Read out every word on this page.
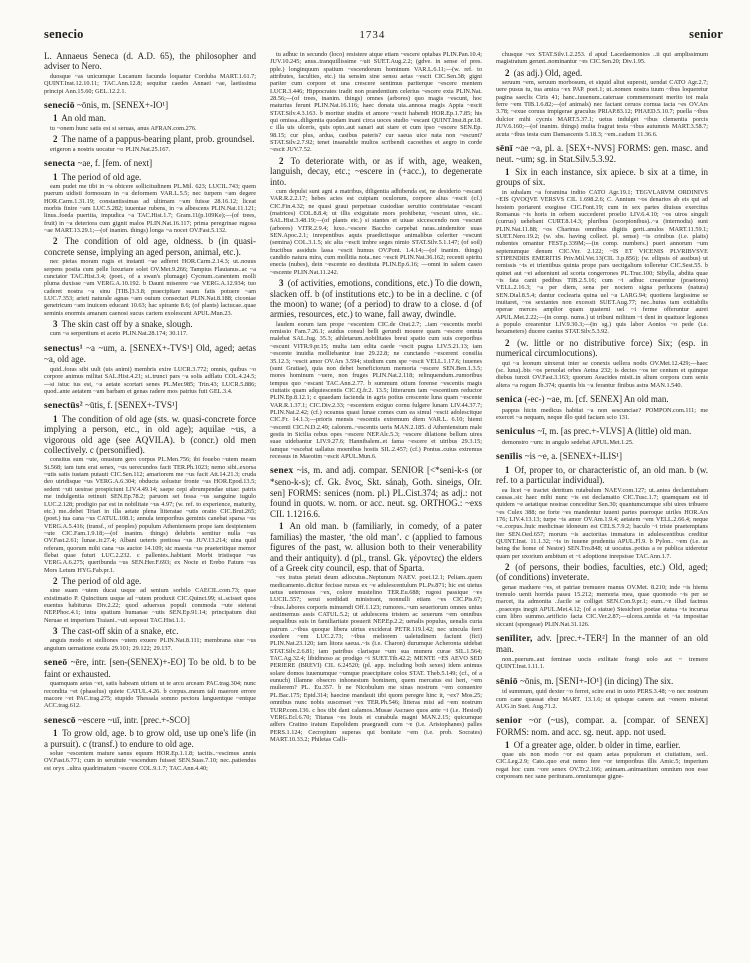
senecio	1734	senior

L. Annaeus Seneca (d. A.D. 65), the philosopher and adviser to Nero.

duosque ~as unicumque Lucanum facunda loquatur Corduba MART.1.61.7; QUINT.Inst.12.10.11; TAC.Ann.12.8; sequitur caedes Annaei ~ae, laetissima principi Ann.15.60; GEL.12.2.1.

seneciō ~ōnis, m. [SENEX+-IO¹]

1 An old man.

tu ~onem hunc satis est si seruas, anus AFRAN.com.276.

2 The name of a pappus-bearing plant, prob. groundsel.

erigeron a nostris uocatur ~o PLIN.Nat.25.167.

senecta ~ae, f. [fem. of next]

1 The period of old age.

eam pudet me tibi in ~a obicere sollicitudinem PL.Mil. 623; LUCIL.743; quem puerum uidisti formosum in ~a deformem VAR.L.5.5; nec turpem ~am degere HOR.Carm.1.31.19; constantissimas ad ultimam ~am fuisse 28.16.12; liceat morbis finire ~am LUC.5.282; iuuentae rubens, in ~a albescens PLIN.Nat.11.121; linus..foeda pueritia, impudica ~a TAC.Hist.1.7; Gram.11(p.109Ke);—(of trees, fruit) in ~a deteriora cum gignit malos PLIN.Nat.16.117; prima peregrinae rugosa ~ae MART.13.29.1;—(of inanim. things) longa ~a nocet OV.Fast.5.132.

2 The condition of old age, oldness. b (in quasi-concrete sense, implying an aged person, animal, etc.).

nec pietas moram rugis et instanti ~ae adferet HOR.Carm.2.14.3; ut..nouus serpens posita cum pelle luxuriare solet OV.Met.9.266; Tampius Flauianus..ac ~a cunctator TAC.Hist.3.4; (poet., of a swan's plumage) Cycnum..canentem molli pluma duxisse ~am VERG.A.10.192. b Dauni miserere ~ae VERG.A.12.934; tuo caderet nostra ~a sinu [TIB.]3.3.8; praecipitare suam fatis potuere ~am LUC.7.353; arieti naturale agnas ~am ouium consectari PLIN.Nat.8.188; ciconiae genetricum ~am inuicem educant 10.63; hac spirante 8.6; (of plants) lactucae..quae seminis enormis amaram caenosi sucus cariem exolescunt APUL.Mun.23.

3 The skin cast off by a snake, slough.

cum ~a serpentium et aceto PLIN.Nat.28.174; 30.117.

senectus¹ ~a ~um, a. [SENEX+-TVS¹] Old, aged; aetas ~a, old age.

quid..foras sibi uult (uis animi) membris exire LUCR.3.772; omnis, quibus ~o corpore animus militat SAL.Hist.4.21; si..trunci pars ~a solis adflatu COL.4.24.5;—si istuc ius est, ~a aetate scortari senes PL.Mer.985; Trin.43; LUCR.5.886; quod..ante aetatem ~am barbam et genas radere mos patrius fuit GEL.3.4.

senectūs² ~ūtis, f. [SENEX+-TVS¹]

1 The condition of old age (sts. w. quasi-concrete force implying a person, etc., in old age); aquilae ~us, a vigorous old age (see AQVILA). b (concr.) old men collectively. c (personified).

consitus sum ~ute, onustum gero corpus PL.Men.756; ibi fouebo ~utem meam St.568; iam tum erat senex, ~us uerecundos facit TER.Ph.1023; nemo sibi..exorsa ~utis satis iustam putauit CIC.Sen.112; amariorem me ~us facit Att.14.21.3; cruda deo uiridisque ~us VERG.A.6.304; obducta solustur fronte ~us HOR.Epod.13.5; sedent ~uti uestrae prospiciunt LIV.4.49.14; saepe cepi abrumpendae uitae: patris me indulgentia retinuit SEN.Ep.78.2; paruom set fessa ~us sanguine iugulo LUC.2.128; prodigio par est in nobilitate ~us 4.97; (w. ref. to experience, maturity, etc.) me..debet Triari in illa aetate plena litteratae ~utis oratio CIC.Brut.265; (poet.) tua cana ~us CATUL.108.1; annula temporibus geminis canebat sparsa ~us VERG.A.5.416; (transf., of peoples) populum Atheniensem prope iam desipientem ~ute CIC.Fam.1.9.18;—(of inanim. things) delubris sentitur nulla ~us OV.Fast.2.61; lunae..ir.27.4; Albani ueteris pretiosa ~us JUV.13.214; uina quid referam, quorum mihi cana ~us auctor 14.109; sic maesta ~us praeteritique memor flebat quae futuri LUC.2.232. c pallentes..habitant Morbi tristisque ~us VERG.A.6.275; queribunda ~us SEN.Her.F.693; ex Nocte et Erebo Fatum ~us Mors Letum HYG.Fab.pr.1.

2 The period of old age.

sine suam ~utem ducat usque ad senium sorbilo CAECIL.com.73; quae existimatio P. Quinctium usque ad ~utem produxit CIC.Quinct.99; si..scisset quos euentus habiturus Div.2.22; quod aduersus populi commoda ~ute steterat NEP.Phoc.4.1; intra spatium humanae ~utis SEN.Ep.91.14; principatum diui Neruae et imperium Traiani..~uti seposui TAC.Hist.1.1.

3 The cast-off skin of a snake, etc.

anguis modo et stelliones ~utem exuere PLIN.Nat.8.111; membrana siue ~us anguium uernatione exuta 29.101; 29.122; 29.137.

seneō ~ēre, intr. [sen-(SENEX)+-EO] To be old. b to be faint or exhausted.

quamquam aetas ~et, satis habeam uirium ut te arcu arceam PAC.trag.304; nunc recondita ~et (phaselus) quiete CATUL.4.26. b corpus..meum tali maerore errore macore ~et PAC.trag.275; stupido Thessala somno pectora languentque ~entque ACC.trag.612.

senescō ~escere ~uī, intr. [prec.+-SCO]

1 To grow old, age. b to grow old, use up one's life (in a pursuit). c (transf.) to endure to old age.

solue ~escentem mature sanus equum HOR.Ep.1.1.8; tacitis..~escimus annis OV.Fast.6.771; cum in seruitute ~escendum fuisset SEN.Suas.7.10; nec..patiendus est oryx ..ultra quadrimatum ~escere COL.9.1.7; TAC.Ann.4.40;

tu adhuc in secundo (loco) resistere atque etiam ~escere optabas PLIN.Pan.10.4; JUV.10.245; anus..tranquillissime ~uit SUET.Aug.2.2; (gdve. in sense of pres. pple.) longinquum spatium ~escendorum hominum VAR.L.6.11;—(w. ref. to attributes, faculties, etc.) ita sensim sine sensu aetas ~escit CIC.Sen.38; gigni pariter cum corpore et una crescere sentimus pariterque ~escere mentem LUCR.3.446; Hippocrates tradit non prandentium celerius ~escere exta PLIN.Nat. 28.56;—(of trees, inanim. things) omnes (arbores) quo magis ~escunt, hoc maturius ferunt PLIN.Nat.16.116; haec donata uia..annosa magis Appia ~escit STAT.Silv.4.3.163. b moritur studiis et amore ~escit habendi HOR.Ep.1.7.85; his qui omissa..diligentia quodam inani circa uoces studio ~escant QUINT.Inst.8.pr.18. c illa uis ulceris, quis opto..aut sanari aut stare et cum ipso ~escere SEN.Ep. 98.15; cur plus, ardua, casibus pateris? cur saeua uice nata non ~escunt? STAT.Silv.2.7.92; tenet insanabile multos scribendi cacoethes et aegro in corde ~escit JUV.7.52.

2 To deteriorate with, or as if with, age, weaken, languish, decay, etc.; ~escere in (+acc.), to degenerate into.

cum depulsi sunt agni a matribus, diligentia adhibenda est, ne desiderio ~escant VAR.R.2.2.17; hebes acies est cuipiam oculorum, corpore alius ~escit (cf.) CIC.Fin.4.32; ne quasi graui perpetuae custodiae seruitio contristatae ~escant (matrices) COL.8.8.4; ut illis exiguitate mors prohibetur, ~escunt uires, sic.. SAL.Hist.3.48.19;—(of plants etc.) si stantes et uiuae siccescendo non ~escunt (arbores) VITR.2.9.4; luxo..~escere Baccho carpebat raras..uindemitor uuas SEN.Apoc.2.1; inrepentibus aquis praedictisque animalibus celeriter ~escunt (semina) COL.3.1.5; sic alta ~escit imbre seges nimio STAT.Silv.5.1.147; (of soil) fructibus assiduis lassa ~escit humus OV.Pont. 1.4.14;—(of inanim. things) candido natura mira, cum mollitia nota..nec ~escit PLIN.Nat.36.162; recenti spiritu enecta (nubes), dein ~escente eo destituta PLIN.Ep.6.16; —omni in salem caseo ~escente PLIN.Nat.11.242.

3 (of activities, emotions, conditions, etc.) To die down, slacken off. b (of institutions etc.) to be in a decline. c (of the moon) to wane; (of a period) to draw to a close. d (of armies, resources, etc.) to wane, fall away, dwindle.

laudem eorum iam prope ~escentem CIC.de Orat.2.7; ..iam ~escentis morbi remissio Fam.7.26.1; auidus consul belli gerundi mouere quam ~escere omnia malebat SAL.Jug. 35.3; athletarum..nobilitates breui spatio cum suis corporibus ~escunt VITR.9.pr.15; multa iam edita caede ~escit pugna LIV.5.21.13; iam ~escente inuidia molliebantur irae 29.22.8; ne cunctando ~escerent consilia 35.12.3; ~escit amor OV.Ars 3.594; studium cum spe ~escit VELL.1.17.6; iuuenes (sunt Gratiae), quia non debet beneficiorum memoria ~escere SEN.Ben.1.3.5; mores hominum ~uere, non fruges PLIN.Nat.2.118; relinquendum..rumoribus tempus quo ~escant TAC.Ann.2.77. b summum otium forense ~escentis magis ciuitatis quam adquiescentis CIC.Q.fr.2. 13.5; litterarum iam ~escentium reductor PLIN.Ep.8.12.1; c quaedam facienda in agris potius crescente luna quam ~escente VAR.R.1.37.1; CIC.Div.2.33; ~escentem exiguo cornu fulgere lunam LIV.44.37.7; PLIN.Nat.2.42; (cf.) oceanus quasi lunae comes cum ea simul ~escit adolescitque CIC.Fr. 14.1.3;—prioris mensis ~escentis extremum diem VAR.L. 6.10; hiemi ~escenti CIC.N.D.2.49; calorem..~escentis ueris MAN.2.185. d Atheniensium male gestis in Sicilia rebus opes ~escere NEP.Alc.5.3; ~escere dilatione bellum uires suae uidebantur LIV.9.27.6; Hannibalem..et fama ~escere et uiribus 29.3.15; iamque ~escebat uallatus moenibus hostis SIL.2.457; (cf.) Pontus..cuius extremus recessus in Maeotim ~escit APUL.Mun.6.

senex ~is, m. and adj. compar. SENIOR [<*seni-k-s (or *seno-k-s); cf. Gk. ἕνος, Skt. sánaḥ, Goth. sineigs, OIr. sen] FORMS: senices (nom. pl.) PL.Cist.374; as adj.: not found in quots. w. nom. or acc. neut. sg. ORTHOG.: ~exs CIL 1.1216.6.

1 An old man. b (familiarly, in comedy, of a pater familias) the master, ‘the old man’. c (applied to famous figures of the past, w. allusion both to their venerability and their antiquity). d (pl., transl. Gk. γέροντες) the elders of a Greek city council, esp. that of Sparta.

~ex iratus pietati deum adlocutus..Neptunum NAEV. poet.12.1; Peliam..quem medicamento..dicitur fecisse rursus ex ~e adulescentulum PL.Ps.871; hic est uietus uetus ueternosus ~ex, colore mustelino TER.Eu.688; rugosi passique ~es LUCIL.557; serui sordidati ministrant, nonnulli etiam ~es CIC.Pis.67; ~ibus..labores corporis minuendi Off.1.123; rumores..~um seueriorum omnes unius aestimemus assis CATUL.5.2; ut adulescens tristem ac seuerum ~em omnibus aequalibus suis in familiaritate posuerit NEP.Ep.2.2; uenalis populus, uenalis curia patrum ..~ibus quoque libera uirtus exciderat PETR.119.l.42; nec uincula ferri exedere ~em LUC.2.73; ~ibus meliorem ualetudinem faciunt (fici) PLIN.Nat.23.120; iam litora saeua..~is (i.e. Charon) durumque Acheronta uidebat STAT.Silv.2.6.81; iam patribus clarisque ~um sua munera curae SIL.1.564; TAC.Ag.32.4; libidinoso ac prodigo ~i SUET.Tib.42.2; MENTE ~ES AEVO SED PERIERE (BREVI) CIL 6.24520; (pl. app. including both sexes) idem animus solare domos iuuenumque ~umque praecipitare colos STAT. Theb.5.149; (cf., of a eunuch) illamne obsecro inhonestum hominem, quem mercatus est heri, ~em mulierem? PL. Eu.357. b ne Nicobulum me sinas nostrum ~em conuenire PL.Bac.175; Epid.314; haecine mandauit tibi quom peregre hinc it, ~ex? Mos.25; omnibus nunc nobis suscenset ~ex TER.Ph.546; litteras misi ad ~em nostrum TURP.com.136. c hos tibi dant calamos..Musae Ascraeo quos ante ~i (i.e. Hesiod) VERG.Ecl.6.70; Titanas ~es Iouis et cunabula magni MAN.2.15; quicumque adfers Cratino iratum Eupolidem praegrandi cum ~e (i.e. Aristophanes) palles PERS.1.124; Cecropium superas qui bonitate ~em (i.e. prob. Socrates) MART.10.33.2; Philetas Calli-

chusque ~ex STAT.Silv.1.2.253. d apud Lacedaemonios ..ii qui amplissimum magistratum gerunt..nominantur ~es CIC.Sen.20; Div.1.95.

2 (as adj.) Old, aged.

seruum ~em, seruum morbosum, et siquid aliut supersit, uendat CATO Agr.2.7; uere pusus tu, tua amica ~ex PAP. poet.1; ut..nomen nostra tuum ~ibus loqueretur pagina saeclis Ciris 41; hanc..iuuenum..cateruae commemorant merito tot mala ferre ~em TIB.1.6.82;—(of animals) nec faciant ceruos cornua iacta ~es OV.Ars 3.78; ~exue coruus impigerae graculus PRIAP.83.12; PHAED.5.10.7; puella ~ibus dulcior mihi cycnis MART.5.37.1; uetus indulget ~ibus clementia porcis JUV.6.160;—(of inanim. things) multa fragrat testa ~ibus autumnis MART.3.58.7; acuta ~ibus testa cum Damascenis 5.18.3; ~em..cadum 11.36.6.

sēnī ~ae ~a, pl. a. [SEX+-NVS] FORMS: gen. masc. and neut. ~um; sg. in Stat.Silv.5.3.92.

1 Six in each instance, six apiece. b six at a time, in groups of six.

in subalam ~a foramina indito CATO Agr.19.1; TEGVLARVM ORDINIVS ~EIS QVOQVE VERSVS CIL 1.698.2.6; C. Annium ~os denarios ab eis qui ad hostem portarent exegisse CIC.Font.19; cum in sex partes diuisus exercitus Romanus ~is horis in orbem succederet proelio LIV.6.4.10; ~os uiros singuli (currus) uehebant CURT.8.14.3; pluribus (scorpionibus)..~a (internodia) sunt PLIN.Nat.11.88; ~os Charinus omnibus digitis gerit..anulos MART.11.59.1; SUET.Nero.19.2; (w. sbs. having collect. pl. sense) ~is crinibus (i.e. plaits) nubentes ornantur FEST.p.339M;—(in comp. numbers.) pueri annorum ~um septenumque denum CIC.Ver. 2.122; ~IS ET VICENIS PLVRIBVSVE STIPENDIIS EMERITIS Priv.Mil.Vet.13(CIL 3.p.856); (w. ellipsis of assibus) ut remissis ~is et trientibus quinta prope pars uectigalium tolleretur CIC.Sest.55. b quinei aut ~ei adueniunt ad scorta congerrones PL.Truc.100; Sibylla, abdita quae ~is fata canit pedibus TIB.2.5.16; cum ~i adhuc crearentur (praetores) VELL.2.16.3; ~a per diem, sena per noctem signa perlucens (natura) SEN.Dial.8.5.4; dantur coclearia quina uel ~a LARG.94; quotiens largissime se inuitaret, ~os sextantes non excessit SUET.Aug.77; nec..huius tam exitiabilis operae merces amplior quam quaterni uel ~i ferme offeruntur aurei APUL.Met.2.22;—(in comp. nums.) ut tribuni militum ~i deni in quattuor legiones a populo crearentur LIV.9.30.3;—(in sg.) quis labor Aonios ~o pede (i.e. hexameters) ducere cantus STAT.Silv.5.3.92.

2 (w. little or no distributive force) Six; (esp. in numerical circumlocutions).

qui ~a leonum uinxerat inter se conexis uellera nodis OV.Met.12.429;—haec (sc. luna)..bis ~os peruolat orbes Aetna 232; is decies ~os ter centum et quinque diebus iunxit OV.Fast.3.163; quorum Aeacides misit..in altum corpora cum senis altera ~a rogum Ib.374; quantis bis ~a ferantur finibus astra MAN.1.540.

senica (-ec-) ~ae, m. [cf. SENEX] An old man.

pappus hicin medicus habitat ~a non sescunciae? POMPON.com.111; me exercet ~a nequam, neque illo quid faciam scio 131.

seniculus ~ī, m. [as prec.+-VLVS] A (little) old man.

demonstro ~um: in angulo sedebat APUL.Met.1.25.

senīlis ~is ~e, a. [SENEX+-ILIS¹]

1 Of, proper to, or characteristic of, an old man. b (w. ref. to a particular individual).

ea licet ~e tractet detritum rutabulum NAEV.com.127; ut..antea declamitabam causas..sic haec mihi nunc ~is est declamatio CIC.Tusc.1.7; quamquam est id quidem ~e aetatique nostrae conceditur Sen.30; quantumcumque sibi uires tribuere ~es Culex 388; ne forte ~es mandentur iuueni partes pueroque uiriles HOR.Ars 176; LIV.4.13.13; turpe ~is amor OV.Am.1.9.4; aetatem ~em VELL.2.66.4; neque ~e..corpus..huic medicinae idoneum est CELS.7.9.2; baculo ~i triste praetemptans iter SEN.Oed.657; morum ~is auctoritas immatura in adulescentibus creditur QUINT.Inst. 11.1.32; ~is in iuuene prudentia APUL.Fl.9. b Pylon.. ~em (i.e. as being the home of Nestor) SEN.Tro.848; ut uocatus..potius a re publica uideretur quam per uxorium ambitum et ~i adoptione inrepsisse TAC.Ann.1.7.

2 (of persons, their bodies, faculties, etc.) Old, aged; (of conditions) inveterate.

genae maduere ~es, et patriae tremuere manus OV.Met. 8.210; inde ~is hiems tremulo uenit horrida passu 15.212; memoria mea, quae quomodo ~is per se marcet, ita admonita ..facile se colliget SEN.Con.9.pr.1; eum..~e illud facinus ..praeceps inegit APUL.Met.4.12; (of a statue) Stesichori poetae statua ~is incurua cum libro summo..artificio facta CIC.Ver.2.87;—ulcera..umida et ~ia impositae siccant (spongeae) PLIN.Nat.31.126.

senīliter, adv. [prec.+-TER²] In the manner of an old man.

non..puerum..aut feminae uocis exilitate frangi uolo aut ~ tremere QUINT.Inst.1.11.1.

sēniō ~ōnis, m. [SENI+-IO¹] (in dicing) The six.

id summum, quid dexter ~o ferret, scire erat in uoto PERS.3.48; ~o nec nostrum cum cane quassat ebur MART. 13.1.6; ut quisque canem aut ~onem miserat AUG.in Suet. Aug.71.2.

senior ~or (~us), compar. a. [compar. of SENEX] FORMS: nom. and acc. sg. neut. app. not used.

1 Of a greater age, older. b older in time, earlier.

quae uis non modo ~or est quam aetas populorum et ciuitatium, sed.. CIC.Leg.2.9; Cato..quo erat nemo fere ~or temporibus illis Amic.5; imperium regat hoc cum ~ore senex OV.Tr.2.166; animam..animantium omnium non esse corpoream nec sane perituram..omniumque gigne-
